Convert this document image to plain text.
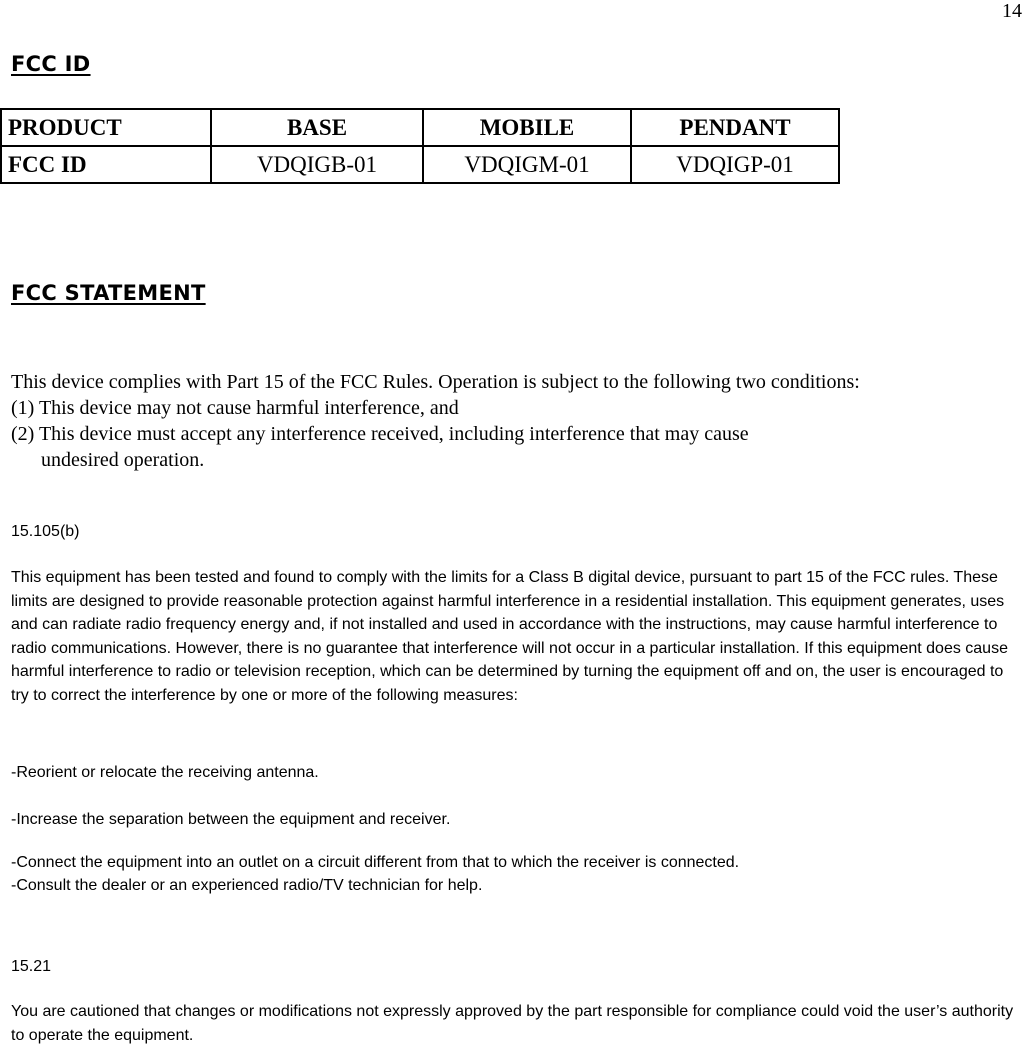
14
FCC ID
PRODUCT	BASE	MOBILE	PENDANT
FCC ID	VDQIGB-01	VDQIGM-01	VDQIGP-01
FCC STATEMENT
This device complies with Part 15 of the FCC Rules. Operation is subject to the following two conditions:
(1) This device may not cause harmful interference, and
(2) This device must accept any interference received, including interference that may cause
undesired operation.
15.105(b)
This equipment has been tested and found to comply with the limits for a Class B digital device, pursuant to part 15 of the FCC rules. These limits are designed to provide reasonable protection against harmful interference in a residential installation. This equipment generates, uses and can radiate radio frequency energy and, if not installed and used in accordance with the instructions, may cause harmful interference to radio communications. However, there is no guarantee that interference will not occur in a particular installation. If this equipment does cause harmful interference to radio or television reception, which can be determined by turning the equipment off and on, the user is encouraged to try to correct the interference by one or more of the following measures:
-Reorient or relocate the receiving antenna.
-Increase the separation between the equipment and receiver.
-Connect the equipment into an outlet on a circuit different from that to which the receiver is connected.
-Consult the dealer or an experienced radio/TV technician for help.
15.21
You are cautioned that changes or modifications not expressly approved by the part responsible for compliance could void the user’s authority to operate the equipment.
